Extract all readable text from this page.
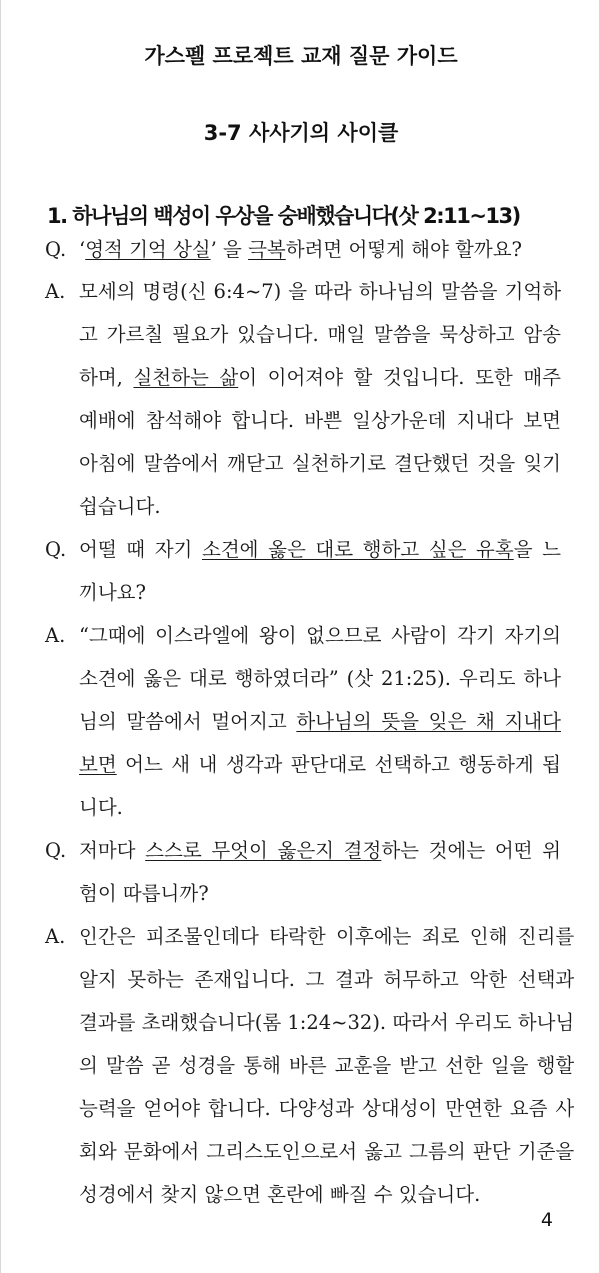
가스펠 프로젝트 교재 질문 가이드
3-7 사사기의 사이클
1. 하나님의 백성이 우상을 숭배했습니다(삿 2:11~13)
Q. ‘영적 기억 상실’ 을 극복하려면 어떻게 해야 할까요?
A. 모세의 명령(신 6:4~7) 을 따라 하나님의 말씀을 기억하
고 가르칠 필요가 있습니다. 매일 말씀을 묵상하고 암송
하며, 실천하는 삶이 이어져야 할 것입니다. 또한 매주
예배에 참석해야 합니다. 바쁜 일상가운데 지내다 보면
아침에 말씀에서 깨닫고 실천하기로 결단했던 것을 잊기
쉽습니다.
Q. 어떨 때 자기 소견에 옳은 대로 행하고 싶은 유혹을 느
끼나요?
A. “그때에 이스라엘에 왕이 없으므로 사람이 각기 자기의
소견에 옳은 대로 행하였더라” (삿 21:25). 우리도 하나
님의 말씀에서 멀어지고 하나님의 뜻을 잊은 채 지내다
보면 어느 새 내 생각과 판단대로 선택하고 행동하게 됩
니다.
Q. 저마다 스스로 무엇이 옳은지 결정하는 것에는 어떤 위
험이 따릅니까?
A. 인간은 피조물인데다 타락한 이후에는 죄로 인해 진리를
알지 못하는 존재입니다. 그 결과 허무하고 악한 선택과
결과를 초래했습니다(롬 1:24~32). 따라서 우리도 하나님
의 말씀 곧 성경을 통해 바른 교훈을 받고 선한 일을 행할
능력을 얻어야 합니다. 다양성과 상대성이 만연한 요즘 사
회와 문화에서 그리스도인으로서 옳고 그름의 판단 기준을
성경에서 찾지 않으면 혼란에 빠질 수 있습니다.
4
